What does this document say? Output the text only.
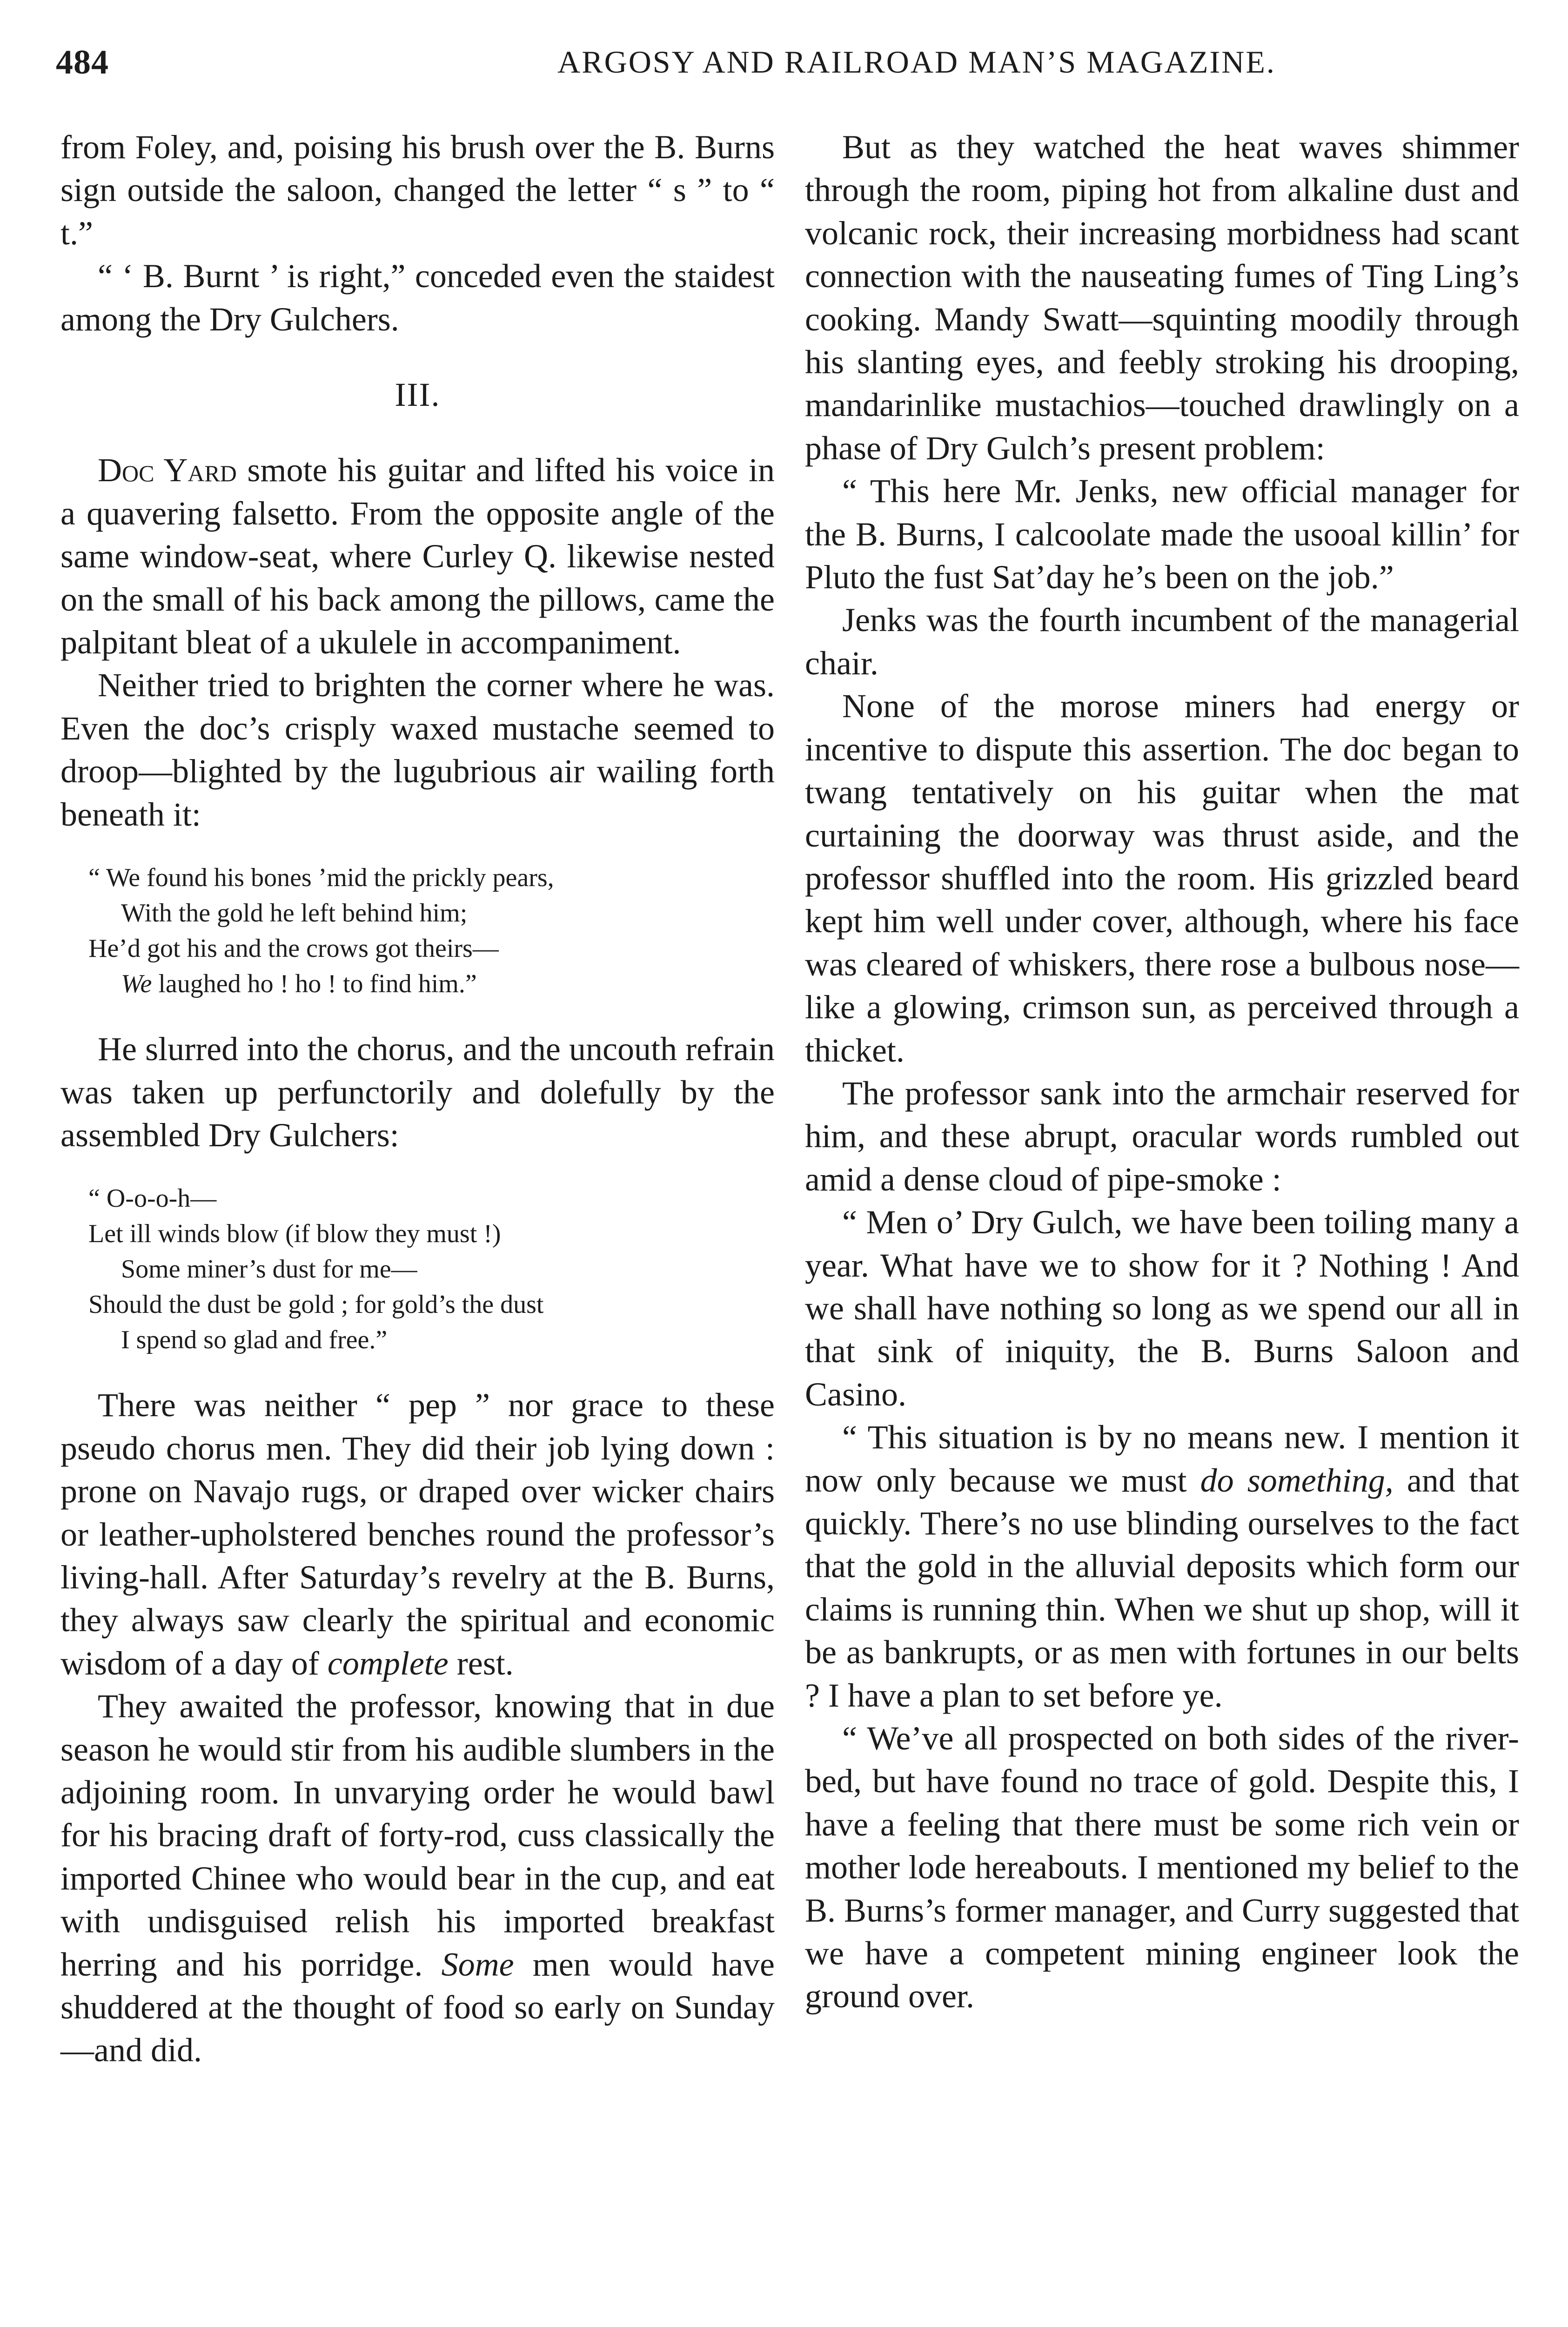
484	ARGOSY AND RAILROAD MAN’S MAGAZINE.

from Foley, and, poising his brush over the B. Burns sign outside the saloon, changed the letter “ s ” to “ t.”

“ ‘ B. Burnt ’ is right,” conceded even the staidest among the Dry Gulchers.

III.

Doc Yard smote his guitar and lifted his voice in a quavering falsetto. From the opposite angle of the same window-seat, where Curley Q. likewise nested on the small of his back among the pillows, came the palpitant bleat of a ukulele in accompaniment.

Neither tried to brighten the corner where he was. Even the doc’s crisply waxed mustache seemed to droop—blighted by the lugubrious air wailing forth beneath it:

“ We found his bones ’mid the prickly pears,
With the gold he left behind him;
He’d got his and the crows got theirs—
We laughed ho ! ho ! to find him.”

He slurred into the chorus, and the uncouth refrain was taken up perfunctorily and dolefully by the assembled Dry Gulchers:

“ O-o-o-h—
Let ill winds blow (if blow they must !)
Some miner’s dust for me—
Should the dust be gold ; for gold’s the dust
I spend so glad and free.”

There was neither “ pep ” nor grace to these pseudo chorus men. They did their job lying down : prone on Navajo rugs, or draped over wicker chairs or leather-upholstered benches round the professor’s living-hall. After Saturday’s revelry at the B. Burns, they always saw clearly the spiritual and economic wisdom of a day of complete rest.

They awaited the professor, knowing that in due season he would stir from his audible slumbers in the adjoining room. In unvarying order he would bawl for his bracing draft of forty-rod, cuss classically the imported Chinee who would bear in the cup, and eat with undisguised relish his imported breakfast herring and his porridge. Some men would have shuddered at the thought of food so early on Sunday—and did.

But as they watched the heat waves shimmer through the room, piping hot from alkaline dust and volcanic rock, their increasing morbidness had scant connection with the nauseating fumes of Ting Ling’s cooking. Mandy Swatt—squinting moodily through his slanting eyes, and feebly stroking his drooping, mandarinlike mustachios—touched drawlingly on a phase of Dry Gulch’s present problem:

“ This here Mr. Jenks, new official manager for the B. Burns, I calcoolate made the usooal killin’ for Pluto the fust Sat’day he’s been on the job.”

Jenks was the fourth incumbent of the managerial chair.

None of the morose miners had energy or incentive to dispute this assertion. The doc began to twang tentatively on his guitar when the mat curtaining the doorway was thrust aside, and the professor shuffled into the room. His grizzled beard kept him well under cover, although, where his face was cleared of whiskers, there rose a bulbous nose—like a glowing, crimson sun, as perceived through a thicket.

The professor sank into the armchair reserved for him, and these abrupt, oracular words rumbled out amid a dense cloud of pipe-smoke :

“ Men o’ Dry Gulch, we have been toiling many a year. What have we to show for it ? Nothing ! And we shall have nothing so long as we spend our all in that sink of iniquity, the B. Burns Saloon and Casino.

“ This situation is by no means new. I mention it now only because we must do something, and that quickly. There’s no use blinding ourselves to the fact that the gold in the alluvial deposits which form our claims is running thin. When we shut up shop, will it be as bankrupts, or as men with fortunes in our belts ? I have a plan to set before ye.

“ We’ve all prospected on both sides of the river-bed, but have found no trace of gold. Despite this, I have a feeling that there must be some rich vein or mother lode hereabouts. I mentioned my belief to the B. Burns’s former manager, and Curry suggested that we have a competent mining engineer look the ground over.
